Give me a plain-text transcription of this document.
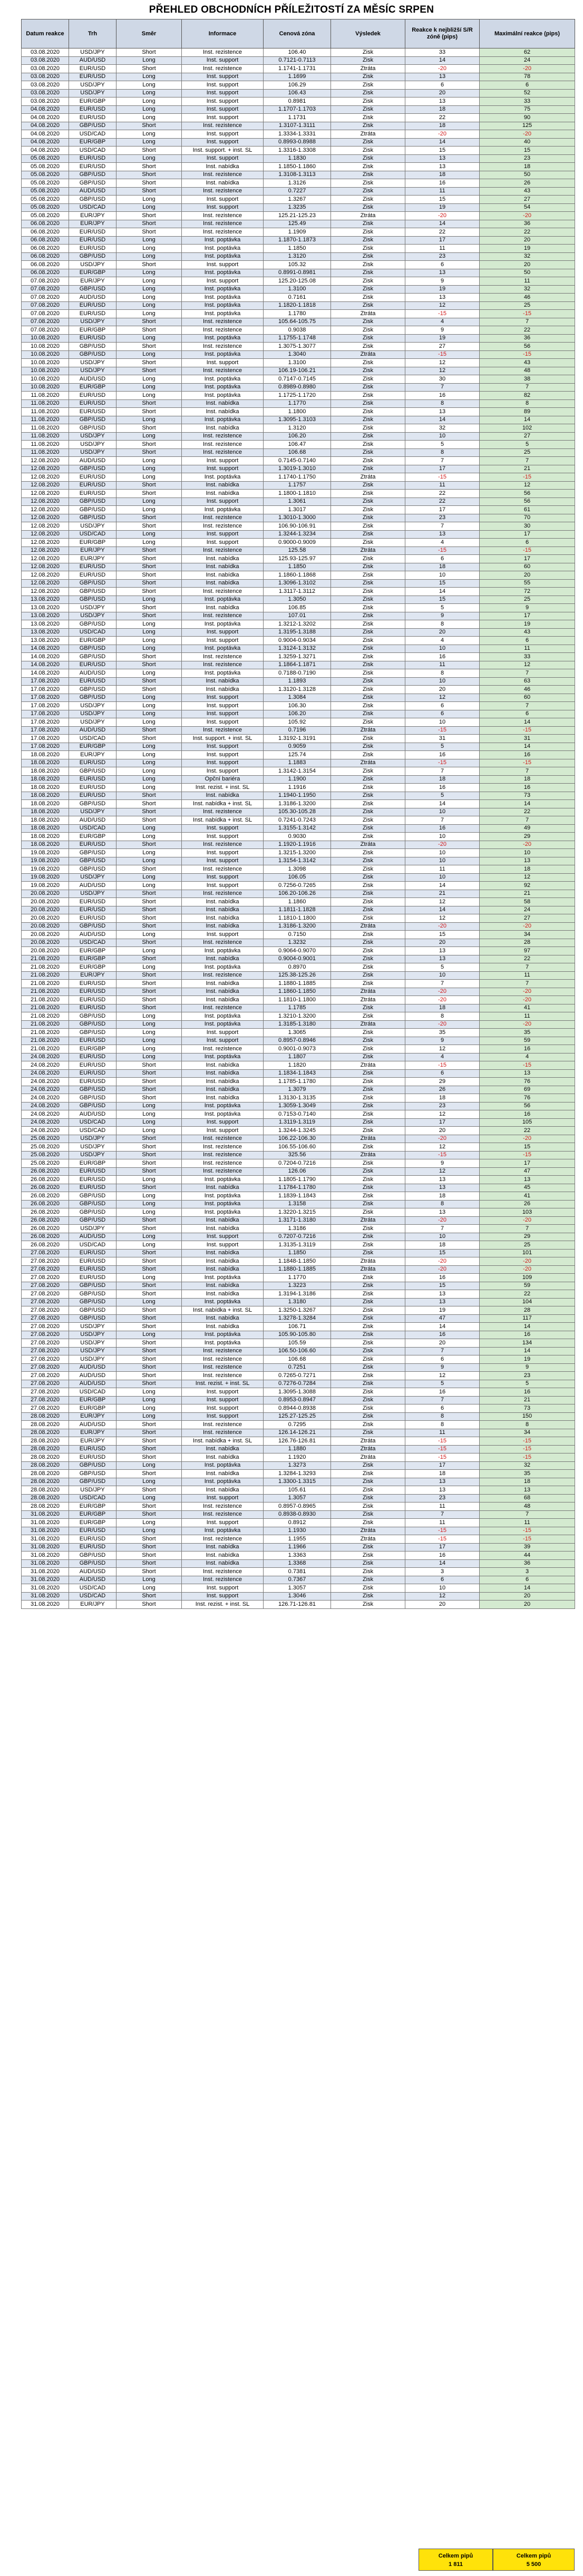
PŘEHLED OBCHODNÍCH PŘÍLEŽITOSTÍ ZA MĚSÍC SRPEN
Datum reakce	Trh	Směr	Informace	Cenová zóna	Výsledek	Reakce k nejbližší S/R zóně (pips)	Maximální reakce (pips)
03.08.2020	USD/JPY	Short	Inst. rezistence	106.40	Zisk	33	62
03.08.2020	AUD/USD	Long	Inst. support	0.7121-0.7113	Zisk	14	24
03.08.2020	EUR/USD	Short	Inst. rezistence	1.1741-1.1731	Ztráta	-20	-20
03.08.2020	EUR/USD	Long	Inst. support	1.1699	Zisk	13	78
03.08.2020	USD/JPY	Long	Inst. support	106.29	Zisk	6	6
03.08.2020	USD/JPY	Long	Inst. support	106.43	Zisk	20	52
03.08.2020	EUR/GBP	Long	Inst. support	0.8981	Zisk	13	33
04.08.2020	EUR/USD	Long	Inst. support	1.1707-1.1703	Zisk	18	75
04.08.2020	EUR/USD	Long	Inst. support	1.1731	Zisk	22	90
04.08.2020	GBP/USD	Short	Inst. rezistence	1.3107-1.3111	Zisk	18	125
04.08.2020	USD/CAD	Long	Inst. support	1.3334-1.3331	Ztráta	-20	-20
04.08.2020	EUR/GBP	Long	Inst. support	0.8993-0.8988	Zisk	14	40
04.08.2020	USD/CAD	Short	Inst. support. + inst. SL	1.3316-1.3308	Zisk	15	15
05.08.2020	EUR/USD	Long	Inst. support	1.1830	Zisk	13	23
05.08.2020	EUR/USD	Short	Inst. nabídka	1.1850-1.1860	Zisk	13	18
05.08.2020	GBP/USD	Short	Inst. rezistence	1.3108-1.3113	Zisk	18	50
05.08.2020	GBP/USD	Short	Inst. nabídka	1.3126	Zisk	16	26
05.08.2020	AUD/USD	Short	Inst. rezistence	0.7227	Zisk	11	43
05.08.2020	GBP/USD	Long	Inst. support	1.3267	Zisk	15	27
05.08.2020	USD/CAD	Long	Inst. support	1.3235	Zisk	19	54
05.08.2020	EUR/JPY	Short	Inst. rezistence	125.21-125.23	Ztráta	-20	-20
06.08.2020	EUR/JPY	Short	Inst. rezistence	125.49	Zisk	14	36
06.08.2020	EUR/USD	Short	Inst. rezistence	1.1909	Zisk	22	22
06.08.2020	EUR/USD	Long	Inst. poptávka	1.1870-1.1873	Zisk	17	20
06.08.2020	EUR/USD	Long	Inst. poptávka	1.1850	Zisk	11	19
06.08.2020	GBP/USD	Long	Inst. poptávka	1.3120	Zisk	23	32
06.08.2020	USD/JPY	Short	Inst. support	105.32	Zisk	6	20
06.08.2020	EUR/GBP	Long	Inst. poptávka	0.8991-0.8981	Zisk	13	50
07.08.2020	EUR/JPY	Long	Inst. support	125.20-125.08	Zisk	9	11
07.08.2020	GBP/USD	Long	Inst. poptávka	1.3100	Zisk	19	32
07.08.2020	AUD/USD	Long	Inst. poptávka	0.7161	Zisk	13	46
07.08.2020	EUR/USD	Long	Inst. poptávka	1.1820-1.1818	Zisk	12	25
07.08.2020	EUR/USD	Long	Inst. poptávka	1.1780	Ztráta	-15	-15
07.08.2020	USD/JPY	Short	Inst. rezistence	105.64-105.75	Zisk	4	7
07.08.2020	EUR/GBP	Short	Inst. rezistence	0.9038	Zisk	9	22
10.08.2020	EUR/USD	Long	Inst. poptávka	1.1755-1.1748	Zisk	19	36
10.08.2020	GBP/USD	Short	Inst. rezistence	1.3075-1.3077	Zisk	27	56
10.08.2020	GBP/USD	Long	Inst. poptávka	1.3040	Ztráta	-15	-15
10.08.2020	USD/JPY	Short	Inst. support	1.3100	Zisk	12	43
10.08.2020	USD/JPY	Short	Inst. rezistence	106.19-106.21	Zisk	12	48
10.08.2020	AUD/USD	Long	Inst. poptávka	0.7147-0.7145	Zisk	30	38
10.08.2020	EUR/GBP	Long	Inst. poptávka	0.8989-0.8980	Zisk	7	7
11.08.2020	EUR/USD	Long	Inst. poptávka	1.1725-1.1720	Zisk	16	82
11.08.2020	EUR/USD	Short	Inst. nabídka	1.1770	Zisk	8	8
11.08.2020	EUR/USD	Short	Inst. nabídka	1.1800	Zisk	13	89
11.08.2020	GBP/USD	Long	Inst. poptávka	1.3095-1.3103	Zisk	14	14
11.08.2020	GBP/USD	Short	Inst. nabídka	1.3120	Zisk	32	102
11.08.2020	USD/JPY	Long	Inst. rezistence	106.20	Zisk	10	27
11.08.2020	USD/JPY	Short	Inst. rezistence	106.47	Zisk	5	5
11.08.2020	USD/JPY	Short	Inst. rezistence	106.68	Zisk	8	25
12.08.2020	AUD/USD	Long	Inst. support	0.7145-0.7140	Zisk	7	7
12.08.2020	GBP/USD	Long	Inst. support	1.3019-1.3010	Zisk	17	21
12.08.2020	EUR/USD	Long	Inst. poptávka	1.1740-1.1750	Ztráta	-15	-15
12.08.2020	EUR/USD	Short	Inst. nabídka	1.1757	Zisk	11	12
12.08.2020	EUR/USD	Short	Inst. nabídka	1.1800-1.1810	Zisk	22	56
12.08.2020	GBP/USD	Long	Inst. support	1.3061	Zisk	22	56
12.08.2020	GBP/USD	Long	Inst. poptávka	1.3017	Zisk	17	61
12.08.2020	GBP/USD	Short	Inst. rezistence	1.3010-1.3000	Zisk	23	70
12.08.2020	USD/JPY	Short	Inst. rezistence	106.90-106.91	Zisk	7	30
12.08.2020	USD/CAD	Long	Inst. support	1.3244-1.3234	Zisk	13	17
12.08.2020	EUR/GBP	Long	Inst. support	0.9000-0.9009	Zisk	4	6
12.08.2020	EUR/JPY	Short	Inst. rezistence	125.58	Ztráta	-15	-15
12.08.2020	EUR/JPY	Short	Inst. nabídka	125.93-125.97	Zisk	6	17
12.08.2020	EUR/USD	Short	Inst. nabídka	1.1850	Zisk	18	60
12.08.2020	EUR/USD	Short	Inst. nabídka	1.1860-1.1868	Zisk	10	20
12.08.2020	GBP/USD	Short	Inst. nabídka	1.3096-1.3102	Zisk	15	55
12.08.2020	GBP/USD	Short	Inst. rezistence	1.3117-1.3112	Zisk	14	72
13.08.2020	GBP/USD	Long	Inst. poptávka	1.3050	Zisk	15	25
13.08.2020	USD/JPY	Short	Inst. nabídka	106.85	Zisk	5	9
13.08.2020	USD/JPY	Short	Inst. rezistence	107.01	Zisk	9	17
13.08.2020	GBP/USD	Long	Inst. poptávka	1.3212-1.3202	Zisk	8	19
13.08.2020	USD/CAD	Long	Inst. support	1.3195-1.3188	Zisk	20	43
13.08.2020	EUR/GBP	Long	Inst. support	0.9004-0.9034	Zisk	4	6
14.08.2020	GBP/USD	Long	Inst. poptávka	1.3124-1.3132	Zisk	10	11
14.08.2020	GBP/USD	Short	Inst. rezistence	1.3259-1.3271	Zisk	16	33
14.08.2020	EUR/USD	Short	Inst. rezistence	1.1864-1.1871	Zisk	11	12
14.08.2020	AUD/USD	Long	Inst. poptávka	0.7188-0.7190	Zisk	8	7
17.08.2020	EUR/USD	Short	Inst. nabídka	1.1893	Zisk	10	63
17.08.2020	GBP/USD	Short	Inst. nabídka	1.3120-1.3128	Zisk	20	46
17.08.2020	GBP/USD	Long	Inst. support	1.3084	Zisk	12	60
17.08.2020	USD/JPY	Long	Inst. support	106.30	Zisk	6	7
17.08.2020	USD/JPY	Long	Inst. support	106.20	Zisk	6	6
17.08.2020	USD/JPY	Long	Inst. support	105.92	Zisk	10	14
17.08.2020	AUD/USD	Short	Inst. rezistence	0.7196	Ztráta	-15	-15
17.08.2020	USD/CAD	Short	Inst. support. + inst. SL	1.3192-1.3191	Zisk	31	31
17.08.2020	EUR/GBP	Long	Inst. support	0.9059	Zisk	5	14
18.08.2020	EUR/JPY	Long	Inst. support	125.74	Zisk	16	16
18.08.2020	EUR/USD	Long	Inst. support	1.1883	Ztráta	-15	-15
18.08.2020	GBP/USD	Long	Inst. support	1.3142-1.3154	Zisk	7	7
18.08.2020	EUR/USD	Long	Opční bariéra	1.1900	Zisk	18	18
18.08.2020	EUR/USD	Long	Inst. rezist. + inst. SL	1.1916	Zisk	16	16
18.08.2020	EUR/USD	Short	Inst. nabídka	1.1940-1.1950	Zisk	5	73
18.08.2020	GBP/USD	Short	Inst. nabídka + inst. SL	1.3186-1.3200	Zisk	14	14
18.08.2020	USD/JPY	Short	Inst. rezistence	105.30-105.28	Zisk	10	22
18.08.2020	AUD/USD	Short	Inst. nabídka + inst. SL	0.7241-0.7243	Zisk	7	7
18.08.2020	USD/CAD	Long	Inst. support	1.3155-1.3142	Zisk	16	49
18.08.2020	EUR/GBP	Long	Inst. support	0.9030	Zisk	10	29
18.08.2020	EUR/USD	Short	Inst. rezistence	1.1920-1.1916	Ztráta	-20	-20
19.08.2020	GBP/USD	Long	Inst. support	1.3215-1.3200	Zisk	10	10
19.08.2020	GBP/USD	Long	Inst. support	1.3154-1.3142	Zisk	10	13
19.08.2020	GBP/USD	Short	Inst. rezistence	1.3098	Zisk	11	18
19.08.2020	USD/JPY	Long	Inst. support	106.05	Zisk	10	12
19.08.2020	AUD/USD	Long	Inst. support	0.7256-0.7265	Zisk	14	92
20.08.2020	USD/JPY	Short	Inst. rezistence	106.20-106.26	Zisk	21	21
20.08.2020	EUR/USD	Short	Inst. nabídka	1.1860	Zisk	12	58
20.08.2020	EUR/USD	Short	Inst. nabídka	1.1811-1.1828	Zisk	14	24
20.08.2020	EUR/USD	Short	Inst. nabídka	1.1810-1.1800	Zisk	12	27
20.08.2020	GBP/USD	Short	Inst. nabídka	1.3186-1.3200	Ztráta	-20	-20
20.08.2020	AUD/USD	Long	Inst. support	0.7150	Zisk	15	34
20.08.2020	USD/CAD	Short	Inst. rezistence	1.3232	Zisk	20	28
20.08.2020	EUR/GBP	Long	Inst. poptávka	0.9064-0.9070	Zisk	13	97
21.08.2020	EUR/GBP	Short	Inst. nabídka	0.9004-0.9001	Zisk	13	22
21.08.2020	EUR/GBP	Long	Inst. poptávka	0.8970	Zisk	5	7
21.08.2020	EUR/JPY	Short	Inst. rezistence	125.38-125.26	Zisk	10	11
21.08.2020	EUR/USD	Short	Inst. nabídka	1.1880-1.1885	Zisk	7	7
21.08.2020	EUR/USD	Short	Inst. nabídka	1.1860-1.1850	Ztráta	-20	-20
21.08.2020	EUR/USD	Short	Inst. nabídka	1.1810-1.1800	Ztráta	-20	-20
21.08.2020	EUR/USD	Short	Inst. rezistence	1.1785	Zisk	18	41
21.08.2020	GBP/USD	Long	Inst. poptávka	1.3210-1.3200	Zisk	8	11
21.08.2020	GBP/USD	Long	Inst. poptávka	1.3185-1.3180	Ztráta	-20	-20
21.08.2020	GBP/USD	Long	Inst. support	1.3065	Zisk	35	35
21.08.2020	EUR/USD	Long	Inst. support	0.8957-0.8946	Zisk	9	59
21.08.2020	EUR/GBP	Long	Inst. rezistence	0.9001-0.9073	Zisk	12	16
24.08.2020	EUR/USD	Long	Inst. poptávka	1.1807	Zisk	4	4
24.08.2020	EUR/USD	Short	Inst. nabídka	1.1820	Ztráta	-15	-15
24.08.2020	EUR/USD	Short	Inst. nabídka	1.1834-1.1843	Zisk	6	13
24.08.2020	EUR/USD	Short	Inst. nabídka	1.1785-1.1780	Zisk	29	76
24.08.2020	GBP/USD	Short	Inst. nabídka	1.3079	Zisk	26	69
24.08.2020	GBP/USD	Short	Inst. nabídka	1.3130-1.3135	Zisk	18	76
24.08.2020	GBP/USD	Long	Inst. poptávka	1.3059-1.3049	Zisk	23	56
24.08.2020	AUD/USD	Long	Inst. poptávka	0.7153-0.7140	Zisk	12	16
24.08.2020	USD/CAD	Long	Inst. support	1.3119-1.3119	Zisk	17	105
24.08.2020	USD/CAD	Long	Inst. support	1.3244-1.3245	Zisk	20	22
25.08.2020	USD/JPY	Short	Inst. rezistence	106.22-106.30	Ztráta	-20	-20
25.08.2020	USD/JPY	Short	Inst. rezistence	106.55-106.60	Zisk	12	15
25.08.2020	USD/JPY	Short	Inst. rezistence	325.56	Ztráta	-15	-15
25.08.2020	EUR/GBP	Short	Inst. rezistence	0.7204-0.7216	Zisk	9	17
26.08.2020	EUR/USD	Short	Inst. rezistence	126.06	Zisk	12	47
26.08.2020	EUR/USD	Long	Inst. poptávka	1.1805-1.1790	Zisk	13	13
26.08.2020	EUR/USD	Short	Inst. nabídka	1.1784-1.1780	Zisk	13	45
26.08.2020	GBP/USD	Long	Inst. poptávka	1.1839-1.1843	Zisk	18	41
26.08.2020	GBP/USD	Long	Inst. poptávka	1.3158	Zisk	8	26
26.08.2020	GBP/USD	Long	Inst. poptávka	1.3220-1.3215	Zisk	13	103
26.08.2020	GBP/USD	Short	Inst. nabídka	1.3171-1.3180	Ztráta	-20	-20
26.08.2020	USD/JPY	Short	Inst. nabídka	1.3186	Zisk	7	7
26.08.2020	AUD/USD	Long	Inst. support	0.7207-0.7216	Zisk	10	29
26.08.2020	USD/CAD	Long	Inst. support	1.3135-1.3119	Zisk	18	25
27.08.2020	EUR/USD	Short	Inst. nabídka	1.1850	Zisk	15	101
27.08.2020	EUR/USD	Short	Inst. nabídka	1.1848-1.1850	Ztráta	-20	-20
27.08.2020	EUR/USD	Short	Inst. nabídka	1.1880-1.1885	Ztráta	-20	-20
27.08.2020	EUR/USD	Long	Inst. poptávka	1.1770	Zisk	16	109
27.08.2020	GBP/USD	Short	Inst. nabídka	1.3223	Zisk	15	59
27.08.2020	GBP/USD	Short	Inst. nabídka	1.3194-1.3186	Zisk	13	22
27.08.2020	GBP/USD	Long	Inst. poptávka	1.3180	Zisk	13	104
27.08.2020	GBP/USD	Short	Inst. nabídka + inst. SL	1.3250-1.3267	Zisk	19	28
27.08.2020	GBP/USD	Short	Inst. nabídka	1.3278-1.3284	Zisk	47	117
27.08.2020	USD/JPY	Short	Inst. nabídka	106.71	Zisk	14	14
27.08.2020	USD/JPY	Long	Inst. poptávka	105.90-105.80	Zisk	16	16
27.08.2020	USD/JPY	Short	Inst. poptávka	105.59	Zisk	20	134
27.08.2020	USD/JPY	Short	Inst. rezistence	106.50-106.60	Zisk	7	14
27.08.2020	USD/JPY	Short	Inst. rezistence	106.68	Zisk	6	19
27.08.2020	AUD/USD	Short	Inst. rezistence	0.7251	Zisk	9	9
27.08.2020	AUD/USD	Short	Inst. rezistence	0.7265-0.7271	Zisk	12	23
27.08.2020	AUD/USD	Short	Inst. rezist. + inst. SL	0.7276-0.7284	Zisk	5	5
27.08.2020	USD/CAD	Long	Inst. support	1.3095-1.3088	Zisk	16	16
27.08.2020	EUR/GBP	Long	Inst. support	0.8953-0.8947	Zisk	7	21
27.08.2020	EUR/GBP	Long	Inst. support	0.8944-0.8938	Zisk	6	73
28.08.2020	EUR/JPY	Long	Inst. support	125.27-125.25	Zisk	8	150
28.08.2020	AUD/USD	Short	Inst. rezistence	0.7295	Zisk	8	8
28.08.2020	EUR/JPY	Short	Inst. rezistence	126.14-126.21	Zisk	11	34
28.08.2020	EUR/JPY	Short	Inst. nabídka + inst. SL	126.76-126.81	Ztráta	-15	-15
28.08.2020	EUR/USD	Short	Inst. nabídka	1.1880	Ztráta	-15	-15
28.08.2020	EUR/USD	Short	Inst. nabídka	1.1920	Ztráta	-15	-15
28.08.2020	GBP/USD	Long	Inst. poptávka	1.3273	Zisk	17	32
28.08.2020	GBP/USD	Short	Inst. nabídka	1.3284-1.3293	Zisk	18	35
28.08.2020	GBP/USD	Long	Inst. poptávka	1.3300-1.3315	Zisk	13	18
28.08.2020	USD/JPY	Short	Inst. nabídka	105.61	Zisk	13	13
28.08.2020	USD/CAD	Long	Inst. support	1.3057	Zisk	23	68
28.08.2020	EUR/GBP	Short	Inst. rezistence	0.8957-0.8965	Zisk	11	48
31.08.2020	EUR/GBP	Short	Inst. rezistence	0.8938-0.8930	Zisk	7	7
31.08.2020	EUR/GBP	Long	Inst. support	0.8912	Zisk	11	11
31.08.2020	EUR/USD	Long	Inst. poptávka	1.1930	Ztráta	-15	-15
31.08.2020	EUR/USD	Short	Inst. rezistence	1.1955	Ztráta	-15	-15
31.08.2020	EUR/USD	Short	Inst. nabídka	1.1966	Zisk	17	39
31.08.2020	GBP/USD	Short	Inst. nabídka	1.3363	Zisk	16	44
31.08.2020	GBP/USD	Short	Inst. nabídka	1.3368	Zisk	14	36
31.08.2020	AUD/USD	Short	Inst. rezistence	0.7381	Zisk	3	3
31.08.2020	AUD/USD	Long	Inst. rezistence	0.7367	Zisk	6	6
31.08.2020	USD/CAD	Long	Inst. support	1.3057	Zisk	10	14
31.08.2020	USD/CAD	Short	Inst. support	1.3046	Zisk	12	20
31.08.2020	EUR/JPY	Short	Inst. rezist. + inst. SL	126.71-126.81	Zisk	20	20
Celkem pipů
1 811
Celkem pipů
5 500
